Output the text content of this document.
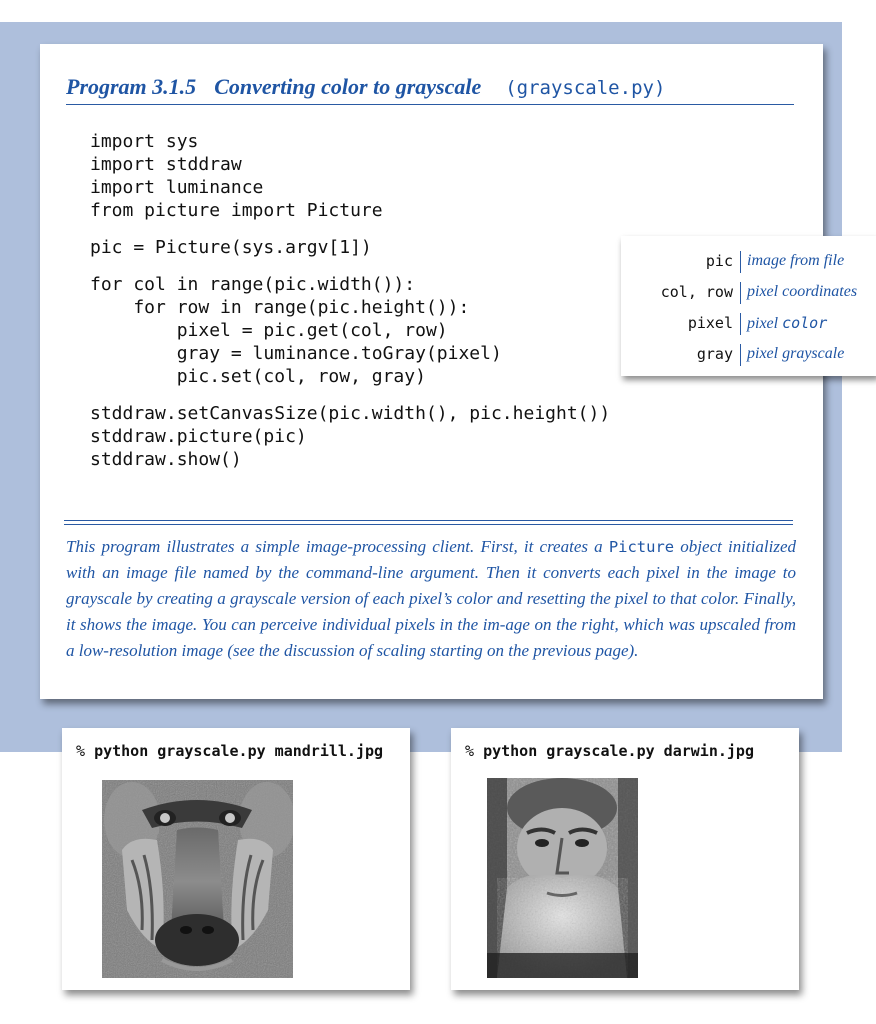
Program 3.1.5 Converting color to grayscale (grayscale.py)
import sys
import stddraw
import luminance
from picture import Picture
pic = Picture(sys.argv[1])
for col in range(pic.width()):
for row in range(pic.height()):
pixel = pic.get(col, row)
gray = luminance.toGray(pixel)
pic.set(col, row, gray)
stddraw.setCanvasSize(pic.width(), pic.height())
stddraw.picture(pic)
stddraw.show()

This program illustrates a simple image-processing client. First, it creates a Picture object initialized with an image file named by the command-line argument. Then it converts each pixel in the image to grayscale by creating a grayscale version of each pixel’s color and resetting the pixel to that color. Finally, it shows the image. You can perceive individual pixels in the im-age on the right, which was upscaled from a low-resolution image (see the discussion of scaling starting on the previous page).

pic image from file
col, row pixel coordinates
pixel pixel color
gray pixel grayscale
% python grayscale.py mandrill.jpg	% python grayscale.py darwin.jpg
